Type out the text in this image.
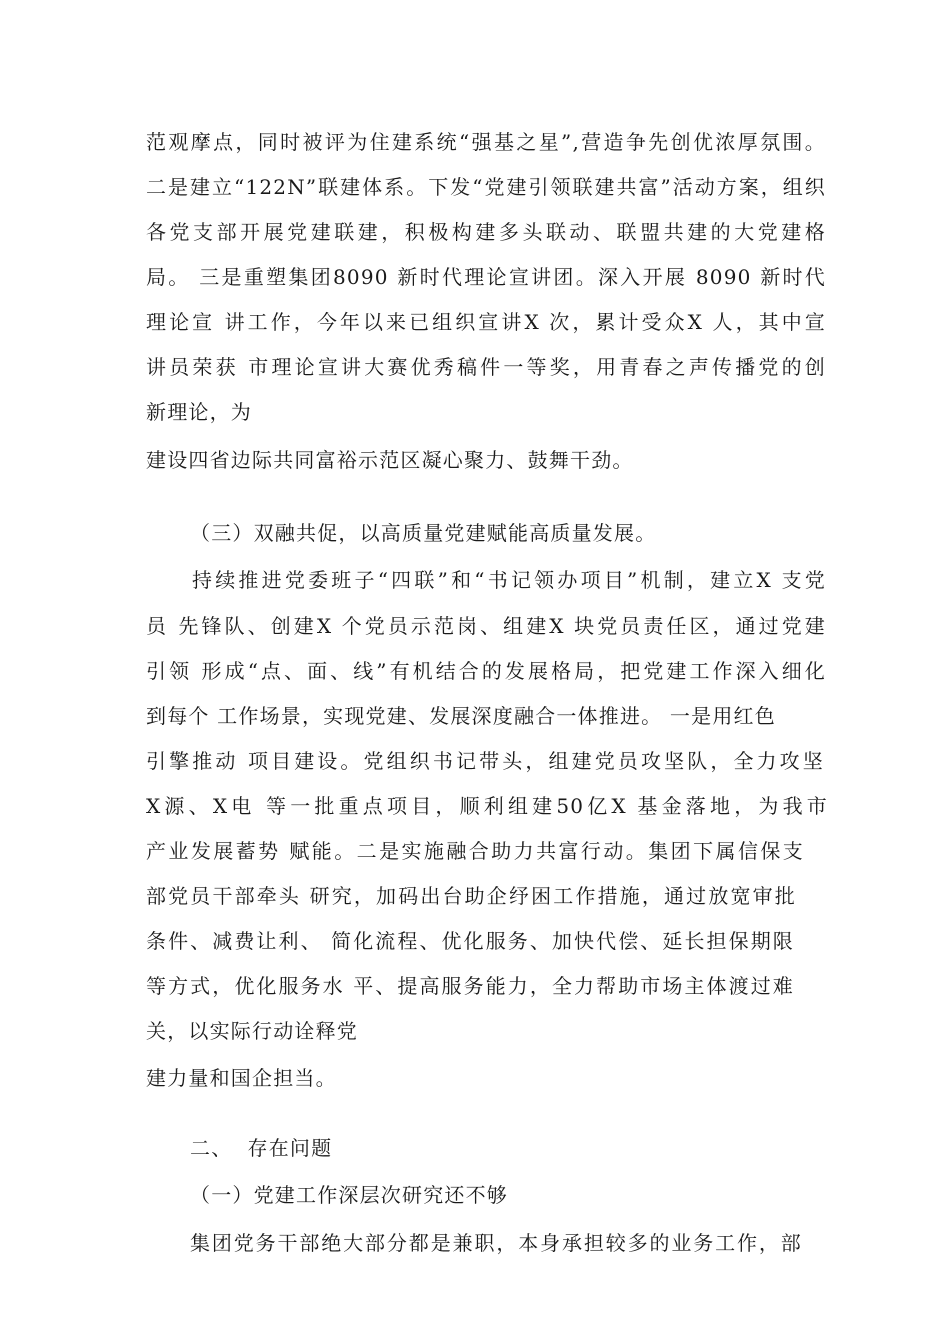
范观摩点，同时被评为住建系统“强基之星”,营造争先创优浓厚氛围。
二是建立“122N”联建体系。下发“党建引领联建共富”活动方案，组织
各党支部开展党建联建，积极构建多头联动、联盟共建的大党建格
局。 三是重塑集团8090 新时代理论宣讲团。深入开展 8090 新时代
理论宣 讲工作，今年以来已组织宣讲X 次，累计受众X 人，其中宣
讲员荣获 市理论宣讲大赛优秀稿件一等奖，用青春之声传播党的创
新理论，为
建设四省边际共同富裕示范区凝心聚力、鼓舞干劲。
（三）双融共促，以高质量党建赋能高质量发展。
持续推进党委班子“四联”和“书记领办项目”机制，建立X 支党
员 先锋队、创建X 个党员示范岗、组建X 块党员责任区，通过党建
引领 形成“点、面、线”有机结合的发展格局，把党建工作深入细化
到每个 工作场景，实现党建、发展深度融合一体推进。 一是用红色
引擎推动 项目建设。党组织书记带头，组建党员攻坚队，全力攻坚
X源、X电 等一批重点项目，顺利组建50亿X 基金落地，为我市
产业发展蓄势 赋能。二是实施融合助力共富行动。集团下属信保支
部党员干部牵头 研究，加码出台助企纾困工作措施，通过放宽审批
条件、减费让利、 简化流程、优化服务、加快代偿、延长担保期限
等方式，优化服务水 平、提高服务能力，全力帮助市场主体渡过难
关，以实际行动诠释党
建力量和国企担当。
二、  存在问题
（一）党建工作深层次研究还不够
集团党务干部绝大部分都是兼职，本身承担较多的业务工作，部
